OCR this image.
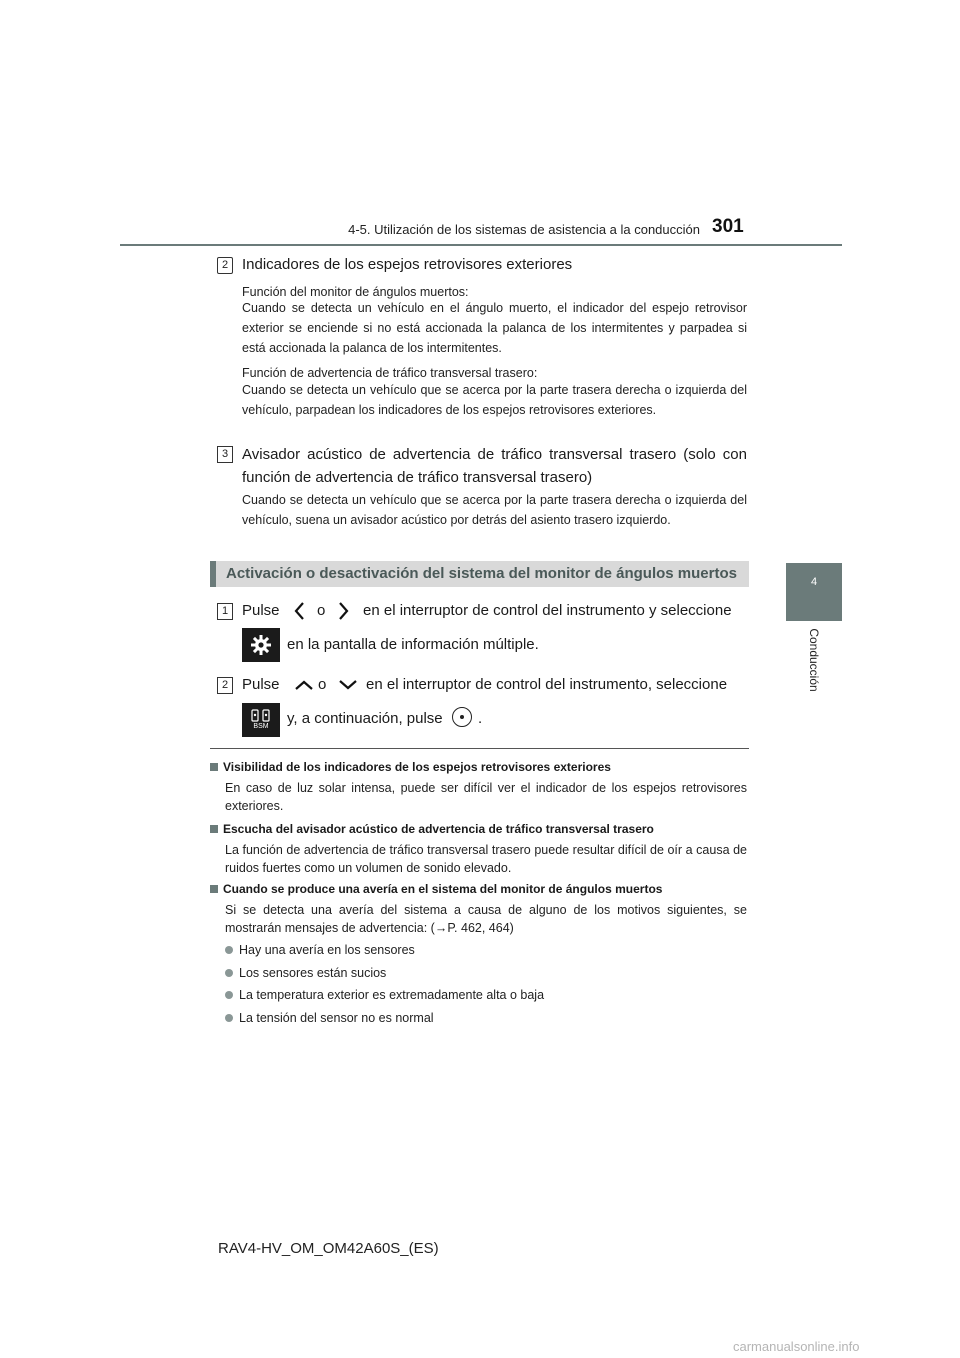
4-5. Utilización de los sistemas de asistencia a la conducción 301
4
Conducción
2 Indicadores de los espejos retrovisores exteriores
Función del monitor de ángulos muertos:
Cuando se detecta un vehículo en el ángulo muerto, el indicador del espejo retrovisor exterior se enciende si no está accionada la palanca de los intermitentes y parpadea si está accionada la palanca de los intermitentes.
Función de advertencia de tráfico transversal trasero:
Cuando se detecta un vehículo que se acerca por la parte trasera derecha o izquierda del vehículo, parpadean los indicadores de los espejos retrovisores exteriores.
3 Avisador acústico de advertencia de tráfico transversal trasero (solo con función de advertencia de tráfico transversal trasero)
Cuando se detecta un vehículo que se acerca por la parte trasera derecha o izquierda del vehículo, suena un avisador acústico por detrás del asiento trasero izquierdo.
Activación o desactivación del sistema del monitor de ángulos muertos
1 Pulse o	en el interruptor de control del instrumento y seleccione
en la pantalla de información múltiple.
2 Pulse	o	en el interruptor de control del instrumento, seleccione
BSM y, a continuación, pulse .
Visibilidad de los indicadores de los espejos retrovisores exteriores
En caso de luz solar intensa, puede ser difícil ver el indicador de los espejos retrovisores exteriores.
Escucha del avisador acústico de advertencia de tráfico transversal trasero
La función de advertencia de tráfico transversal trasero puede resultar difícil de oír a causa de ruidos fuertes como un volumen de sonido elevado.
Cuando se produce una avería en el sistema del monitor de ángulos muertos
Si se detecta una avería del sistema a causa de alguno de los motivos siguientes, se mostrarán mensajes de advertencia: (→P. 462, 464)
Hay una avería en los sensores
Los sensores están sucios
La temperatura exterior es extremadamente alta o baja
La tensión del sensor no es normal
RAV4-HV_OM_OM42A60S_(ES)
carmanualsonline.info
